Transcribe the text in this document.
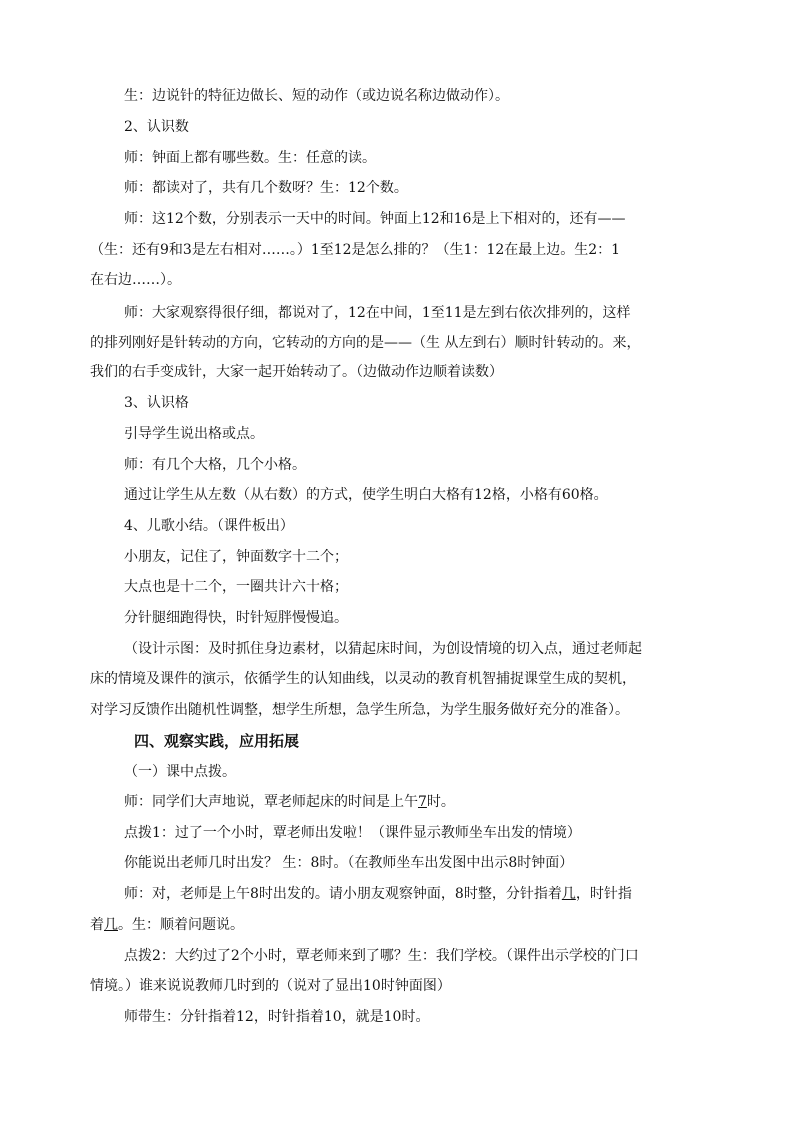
生：边说针的特征边做长、短的动作（或边说名称边做动作）。
2、认识数
师：钟面上都有哪些数。生：任意的读。
师：都读对了，共有几个数呀？生：12个数。
师：这12个数，分别表示一天中的时间。钟面上12和16是上下相对的，还有——
（生：还有9和3是左右相对……。）1至12是怎么排的？（生1：12在最上边。生2：1
在右边……）。
师：大家观察得很仔细，都说对了，12在中间，1至11是左到右依次排列的，这样
的排列刚好是针转动的方向，它转动的方向的是——（生 从左到右）顺时针转动的。来，
我们的右手变成针，大家一起开始转动了。（边做动作边顺着读数）
3、认识格
引导学生说出格或点。
师：有几个大格，几个小格。
通过让学生从左数（从右数）的方式，使学生明白大格有12格，小格有60格。
4、儿歌小结。（课件板出）
小朋友，记住了，钟面数字十二个；
大点也是十二个，一圈共计六十格；
分针腿细跑得快，时针短胖慢慢追。
（设计示图：及时抓住身边素材，以猜起床时间，为创设情境的切入点，通过老师起
床的情境及课件的演示，依循学生的认知曲线，以灵动的教育机智捕捉课堂生成的契机，
对学习反馈作出随机性调整，想学生所想，急学生所急，为学生服务做好充分的准备）。
四、观察实践，应用拓展
（一）课中点拨。
师：同学们大声地说，覃老师起床的时间是上午7时。
点拨1：过了一个小时，覃老师出发啦！（课件显示教师坐车出发的情境）
你能说出老师几时出发？ 生：8时。（在教师坐车出发图中出示8时钟面）
师：对，老师是上午8时出发的。请小朋友观察钟面，8时整，分针指着几，时针指
着几。生：顺着问题说。
点拨2：大约过了2个小时，覃老师来到了哪？生：我们学校。（课件出示学校的门口
情境。）谁来说说教师几时到的（说对了显出10时钟面图）
师带生：分针指着12，时针指着10，就是10时。
